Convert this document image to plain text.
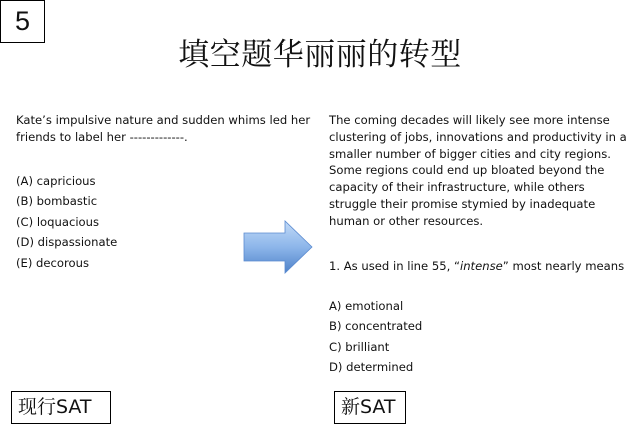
5
填空题华丽丽的转型
Kate’s impulsive nature and sudden whims led her friends to label her -------------.
(A) capricious
(B) bombastic
(C) loquacious
(D) dispassionate
(E) decorous
The coming decades will likely see more intense clustering of jobs, innovations and productivity in a smaller number of bigger cities and city regions. Some regions could end up bloated beyond the capacity of their infrastructure, while others struggle their promise stymied by inadequate human or other resources.
1. As used in line 55, “intense” most nearly means
A) emotional
B) concentrated
C) brilliant
D) determined
现行SAT	新SAT
